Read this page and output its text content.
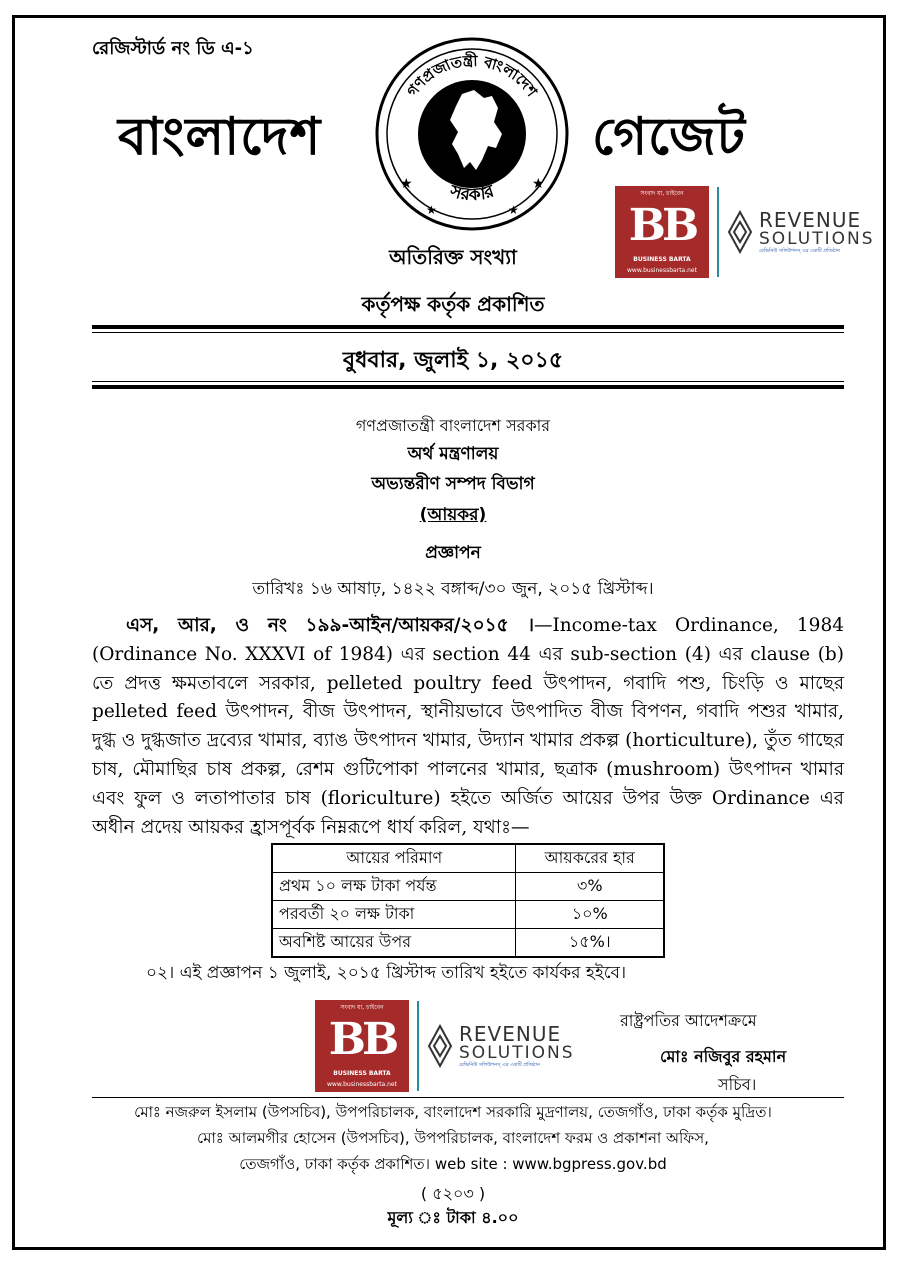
রেজিস্টার্ড নং ডি এ-১
বাংলাদেশ	গেজেট
গণপ্রজাতন্ত্রী বাংলাদেশ
সরকার
★	★
★	★
সংবাদ যা, চাইবেন
BB
BUSINESS BARTA
www.businessbarta.net
REVENUE
SOLUTIONS
রেভিনিউ সলিউশনস্‌ এর একটি প্রতিষ্ঠান
অতিরিক্ত সংখ্যা
কর্তৃপক্ষ কর্তৃক প্রকাশিত
বুধবার, জুলাই ১, ২০১৫
গণপ্রজাতন্ত্রী বাংলাদেশ সরকার
অর্থ মন্ত্রণালয়
অভ্যন্তরীণ সম্পদ বিভাগ
(আয়কর)
প্রজ্ঞাপন
তারিখঃ ১৬ আষাঢ়, ১৪২২ বঙ্গাব্দ/৩০ জুন, ২০১৫ খ্রিস্টাব্দ।
এস, আর, ও নং ১৯৯-আইন/আয়কর/২০১৫ ।—Income-tax Ordinance, 1984 (Ordinance No. XXXVI of 1984) এর section 44 এর sub-section (4) এর clause (b) তে প্রদত্ত ক্ষমতাবলে সরকার, pelleted poultry feed উৎপাদন, গবাদি পশু, চিংড়ি ও মাছের pelleted feed উৎপাদন, বীজ উৎপাদন, স্থানীয়ভাবে উৎপাদিত বীজ বিপণন, গবাদি পশুর খামার, দুগ্ধ ও দুগ্ধজাত দ্রব্যের খামার, ব্যাঙ উৎপাদন খামার, উদ্যান খামার প্রকল্প (horticulture), তুঁত গাছের চাষ, মৌমাছির চাষ প্রকল্প, রেশম গুটিপোকা পালনের খামার, ছত্রাক (mushroom) উৎপাদন খামার এবং ফুল ও লতাপাতার চাষ (floriculture) হইতে অর্জিত আয়ের উপর উক্ত Ordinance এর অধীন প্রদেয় আয়কর হ্রাসপূর্বক নিম্নরূপে ধার্য করিল, যথাঃ—
আয়ের পরিমাণ	আয়করের হার
প্রথম ১০ লক্ষ টাকা পর্যন্ত	৩%
পরবর্তী ২০ লক্ষ টাকা	১০%
অবশিষ্ট আয়ের উপর	১৫%।
০২। এই প্রজ্ঞাপন ১ জুলাই, ২০১৫ খ্রিস্টাব্দ তারিখ হইতে কার্যকর হইবে।
সংবাদ যা, চাইবেন
BB
BUSINESS BARTA
www.businessbarta.net
REVENUE
SOLUTIONS
রেভিনিউ সলিউশনস্‌ এর একটি প্রতিষ্ঠান
রাষ্ট্রপতির আদেশক্রমে
মোঃ নজিবুর রহমান
সচিব।
মোঃ নজরুল ইসলাম (উপসচিব), উপপরিচালক, বাংলাদেশ সরকারি মুদ্রণালয়, তেজগাঁও, ঢাকা কর্তৃক মুদ্রিত।
মোঃ আলমগীর হোসেন (উপসচিব), উপপরিচালক, বাংলাদেশ ফরম ও প্রকাশনা অফিস,
তেজগাঁও, ঢাকা কর্তৃক প্রকাশিত। web site : www.bgpress.gov.bd
( ৫২০৩ )
মূল্য ঃ টাকা ৪.০০
